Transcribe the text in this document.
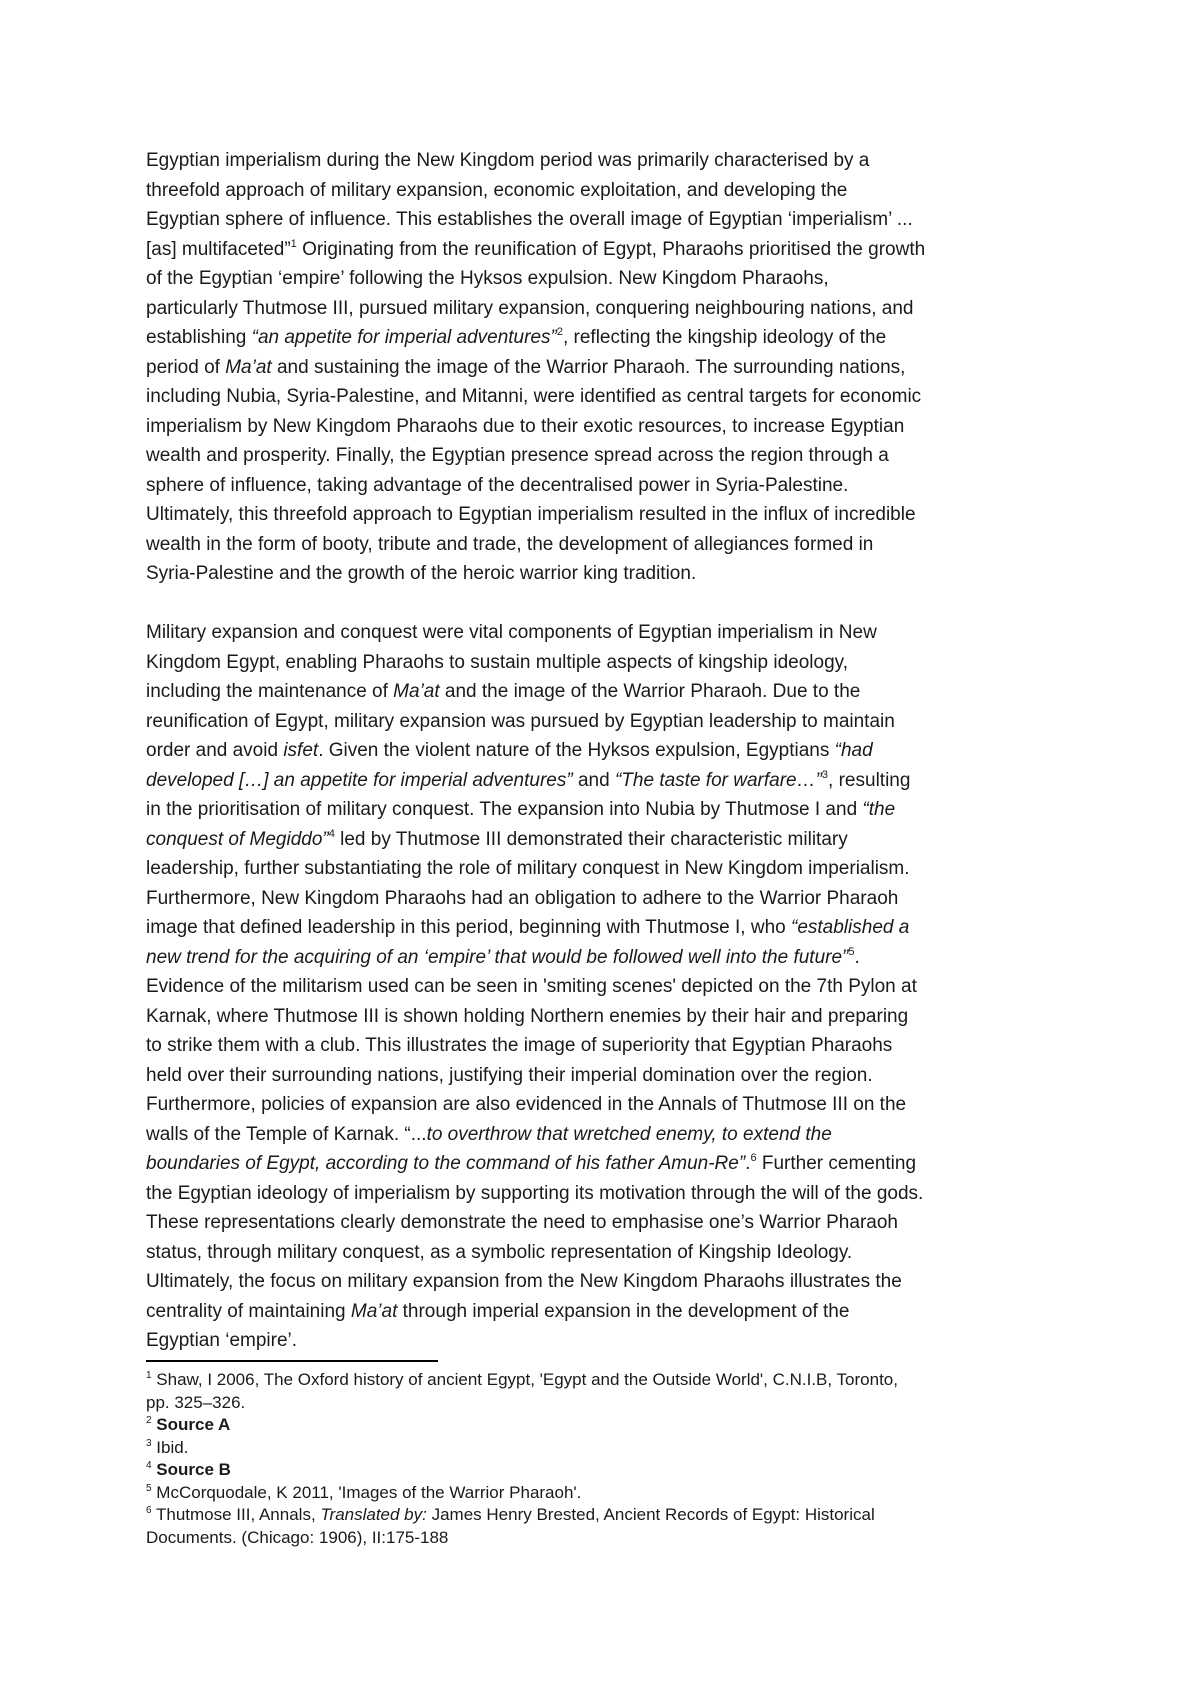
Egyptian imperialism during the New Kingdom period was primarily characterised by a
threefold approach of military expansion, economic exploitation, and developing the
Egyptian sphere of influence. This establishes the overall image of Egyptian ‘imperialism’ ...
[as] multifaceted”$^1$ Originating from the reunification of Egypt, Pharaohs prioritised the growth
of the Egyptian ‘empire’ following the Hyksos expulsion. New Kingdom Pharaohs,
particularly Thutmose III, pursued military expansion, conquering neighbouring nations, and
establishing “an appetite for imperial adventures”$^2$, reflecting the kingship ideology of the
period of Ma’at and sustaining the image of the Warrior Pharaoh. The surrounding nations,
including Nubia, Syria-Palestine, and Mitanni, were identified as central targets for economic
imperialism by New Kingdom Pharaohs due to their exotic resources, to increase Egyptian
wealth and prosperity. Finally, the Egyptian presence spread across the region through a
sphere of influence, taking advantage of the decentralised power in Syria-Palestine.
Ultimately, this threefold approach to Egyptian imperialism resulted in the influx of incredible
wealth in the form of booty, tribute and trade, the development of allegiances formed in
Syria-Palestine and the growth of the heroic warrior king tradition.
Military expansion and conquest were vital components of Egyptian imperialism in New
Kingdom Egypt, enabling Pharaohs to sustain multiple aspects of kingship ideology,
including the maintenance of Ma’at and the image of the Warrior Pharaoh. Due to the
reunification of Egypt, military expansion was pursued by Egyptian leadership to maintain
order and avoid isfet. Given the violent nature of the Hyksos expulsion, Egyptians “had
developed […] an appetite for imperial adventures” and “The taste for warfare…”$^3$, resulting
in the prioritisation of military conquest. The expansion into Nubia by Thutmose I and “the
conquest of Megiddo”$^4$ led by Thutmose III demonstrated their characteristic military
leadership, further substantiating the role of military conquest in New Kingdom imperialism.
Furthermore, New Kingdom Pharaohs had an obligation to adhere to the Warrior Pharaoh
image that defined leadership in this period, beginning with Thutmose I, who “established a
new trend for the acquiring of an ‘empire’ that would be followed well into the future”$^5$.
Evidence of the militarism used can be seen in 'smiting scenes' depicted on the 7th Pylon at
Karnak, where Thutmose III is shown holding Northern enemies by their hair and preparing
to strike them with a club. This illustrates the image of superiority that Egyptian Pharaohs
held over their surrounding nations, justifying their imperial domination over the region.
Furthermore, policies of expansion are also evidenced in the Annals of Thutmose III on the
walls of the Temple of Karnak. “...to overthrow that wretched enemy, to extend the
boundaries of Egypt, according to the command of his father Amun-Re”.$^6$ Further cementing
the Egyptian ideology of imperialism by supporting its motivation through the will of the gods.
These representations clearly demonstrate the need to emphasise one’s Warrior Pharaoh
status, through military conquest, as a symbolic representation of Kingship Ideology.
Ultimately, the focus on military expansion from the New Kingdom Pharaohs illustrates the
centrality of maintaining Ma’at through imperial expansion in the development of the
Egyptian ‘empire’.
$^1$ Shaw, I 2006, The Oxford history of ancient Egypt, 'Egypt and the Outside World', C.N.I.B, Toronto,
pp. 325–326.
$^2$ Source A
$^3$ Ibid.
$^4$ Source B
$^5$ McCorquodale, K 2011, 'Images of the Warrior Pharaoh'.
$^6$ Thutmose III, Annals, Translated by: James Henry Brested, Ancient Records of Egypt: Historical
Documents. (Chicago: 1906), II:175-188
